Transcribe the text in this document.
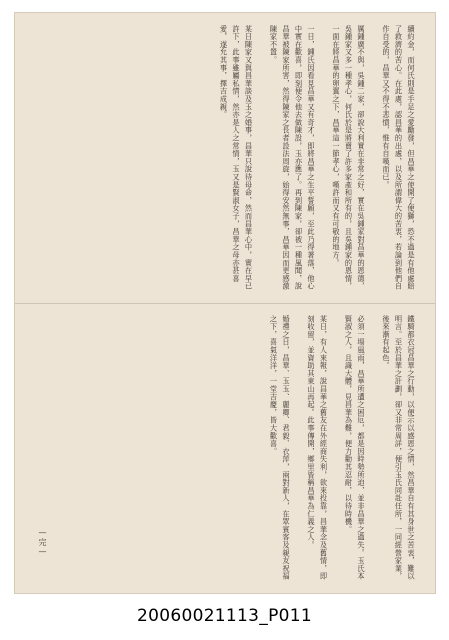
續約金，而何氏則是手足之愛勵發，但昌華之使開了便獅，恐不過是有他處賠了救濟的苦心。在此處，認昌華的出處，以及所謂偉大的苦衷，若論到他們自作自受的，昌華又不得不悲憤，惟有自嘆而已。

厲鍾廣不與，吳鍾二家，卻說大利實在非常之好，實在吳鍾家對昌華的恩德，吳鍾家又多一種孝心，何氏於是將賣了許多家產和所有的，且吳鍾家的恩情，一面在將昌華的卵翼之下，昌華這一節孝心，嘆許而又有可敬的地方。

一日，鍾氏因看見昌華又有奇才，即將昌華之生平誓願，至此乃得著落，他心中實在歡喜，即刻便令他去做陳設，玉亦應了。再到陳家，卻被一種風聞，說昌華被陳家所害，然得陳家之長者設法周旋，始得安然無事，昌華因而更感激陳家不置。

某日陳家又與昌華談及玉之婚事，昌華只說待母命，然而昌華心中，實在早已許下，此事雖屬私情，然亦是人之常情，玉又是賢淑女子，昌華之母亦甚喜愛，遂允其事，擇吉成親。
鐵騎都衣冠昌華之行動，以便示以感恩之情，然昌華自有其身世之苦衷，難以明言。至於昌華之計劃，卻又非常周詳，便引玉氏同赴任所，一同經營家業，後來漸有起色。

必須一場風雨，昌華所遭之困厄，都是因時勢所迫，並非昌華之過失。玉氏本賢淑之人，且識大體，見昌華為難，便力勸其忍耐，以待時機。

某日，有人來報，說昌華之舊友在外經商失利，欲來投靠，昌華念及舊情，即刻收留，並資助其東山再起。此事傳開，鄉里皆稱昌華為仁義之人。

婚禮之日，昌華、玉玉、麗卿、君毅、衣萍，兩對新人，在眾賓客及親友祝福之下，喜氣洋洋，一堂吉慶，皆大歡喜。
—完—
20060021113_P011
